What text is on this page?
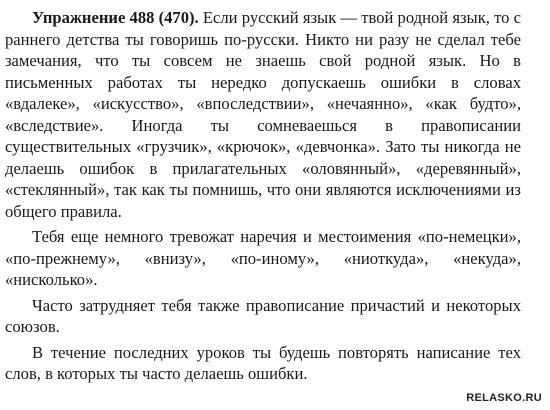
Упражнение 488 (470). Если русский язык — твой родной язык, то с раннего детства ты говоришь по-русски. Никто ни разу не сделал тебе замечания, что ты совсем не знаешь свой родной язык. Но в письменных работах ты нередко допускаешь ошибки в словах «вдалеке», «искусство», «впоследствии», «нечаянно», «как будто», «вследствие». Иногда ты сомневаешься в правописании существительных «грузчик», «крючок», «девчонка». Зато ты никогда не делаешь ошибок в прилагательных «оловянный», «деревянный», «стеклянный», так как ты помнишь, что они являются исключениями из общего правила.

Тебя еще немного тревожат наречия и местоимения «по-немецки», «по-прежнему», «внизу», «по-иному», «ниоткуда», «некуда», «нисколько».

Часто затрудняет тебя также правописание причастий и некоторых союзов.

В течение последних уроков ты будешь повторять написание тех слов, в которых ты часто делаешь ошибки.

RELASKO.RU
